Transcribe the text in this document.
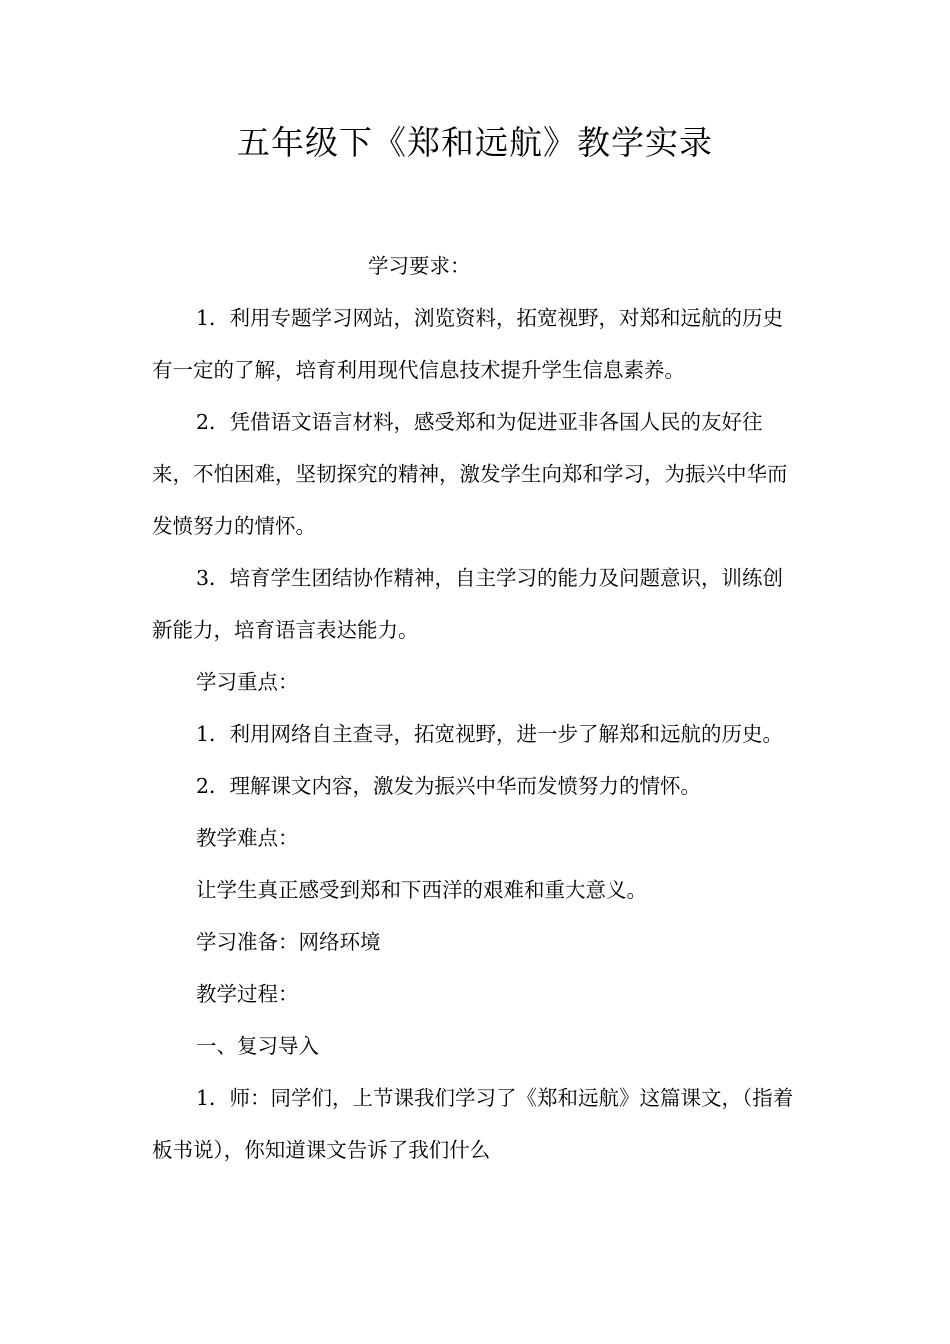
五年级下《郑和远航》教学实录

学习要求：

1．利用专题学习网站，浏览资料，拓宽视野，对郑和远航的历史有一定的了解，培育利用现代信息技术提升学生信息素养。

2．凭借语文语言材料，感受郑和为促进亚非各国人民的友好往来，不怕困难，坚韧探究的精神，激发学生向郑和学习，为振兴中华而发愤努力的情怀。

3．培育学生团结协作精神，自主学习的能力及问题意识，训练创新能力，培育语言表达能力。

学习重点：

1．利用网络自主查寻，拓宽视野，进一步了解郑和远航的历史。

2．理解课文内容，激发为振兴中华而发愤努力的情怀。

教学难点：

让学生真正感受到郑和下西洋的艰难和重大意义。

学习准备：网络环境

教学过程：

一、复习导入

1．师：同学们，上节课我们学习了《郑和远航》这篇课文，（指着板书说），你知道课文告诉了我们什么
